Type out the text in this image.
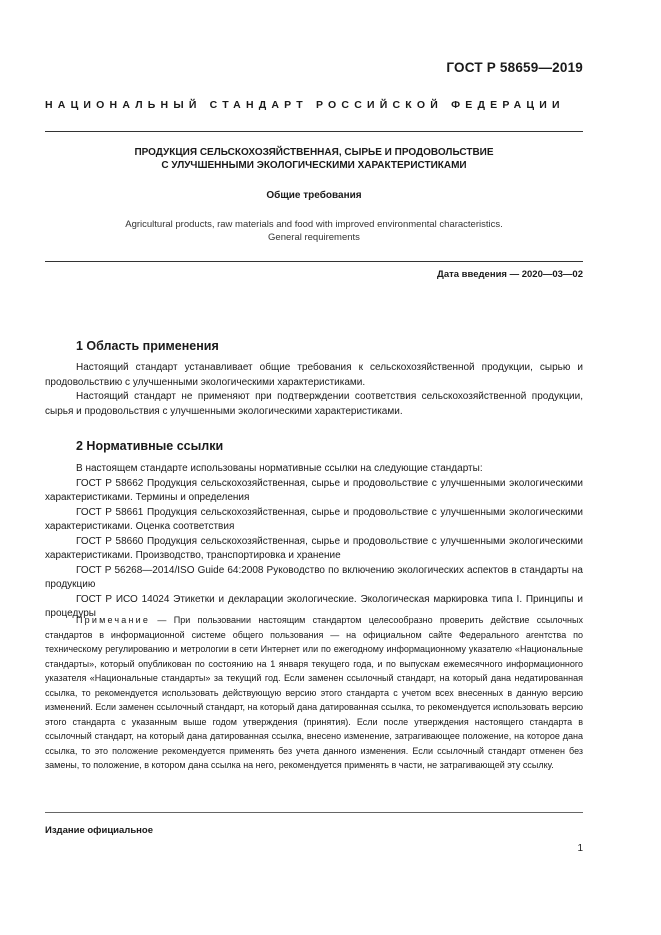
ГОСТ Р 58659—2019
НАЦИОНАЛЬНЫЙ СТАНДАРТ РОССИЙСКОЙ ФЕДЕРАЦИИ
ПРОДУКЦИЯ СЕЛЬСКОХОЗЯЙСТВЕННАЯ, СЫРЬЕ И ПРОДОВОЛЬСТВИЕ
С УЛУЧШЕННЫМИ ЭКОЛОГИЧЕСКИМИ ХАРАКТЕРИСТИКАМИ
Общие требования
Agricultural products, raw materials and food with improved environmental characteristics.
General requirements
Дата введения — 2020—03—02
1 Область применения

Настоящий стандарт устанавливает общие требования к сельскохозяйственной продукции, сырью и продовольствию с улучшенными экологическими характеристиками.

Настоящий стандарт не применяют при подтверждении соответствия сельскохозяйственной продукции, сырья и продовольствия с улучшенными экологическими характеристиками.

2 Нормативные ссылки

В настоящем стандарте использованы нормативные ссылки на следующие стандарты:

ГОСТ Р 58662 Продукция сельскохозяйственная, сырье и продовольствие с улучшенными экологическими характеристиками. Термины и определения

ГОСТ Р 58661 Продукция сельскохозяйственная, сырье и продовольствие с улучшенными экологическими характеристиками. Оценка соответствия

ГОСТ Р 58660 Продукция сельскохозяйственная, сырье и продовольствие с улучшенными экологическими характеристиками. Производство, транспортировка и хранение

ГОСТ Р 56268—2014/ISO Guide 64:2008 Руководство по включению экологических аспектов в стандарты на продукцию

ГОСТ Р ИСО 14024 Этикетки и декларации экологические. Экологическая маркировка типа I. Принципы и процедуры

Примечание — При пользовании настоящим стандартом целесообразно проверить действие ссылочных стандартов в информационной системе общего пользования — на официальном сайте Федерального агентства по техническому регулированию и метрологии в сети Интернет или по ежегодному информационному указателю «Национальные стандарты», который опубликован по состоянию на 1 января текущего года, и по выпускам ежемесячного информационного указателя «Национальные стандарты» за текущий год. Если заменен ссылочный стандарт, на который дана недатированная ссылка, то рекомендуется использовать действующую версию этого стандарта с учетом всех внесенных в данную версию изменений. Если заменен ссылочный стандарт, на который дана датированная ссылка, то рекомендуется использовать версию этого стандарта с указанным выше годом утверждения (принятия). Если после утверждения настоящего стандарта в ссылочный стандарт, на который дана датированная ссылка, внесено изменение, затрагивающее положение, на которое дана ссылка, то это положение рекомендуется применять без учета данного изменения. Если ссылочный стандарт отменен без замены, то положение, в котором дана ссылка на него, рекомендуется применять в части, не затрагивающей эту ссылку.

Издание официальное
1
